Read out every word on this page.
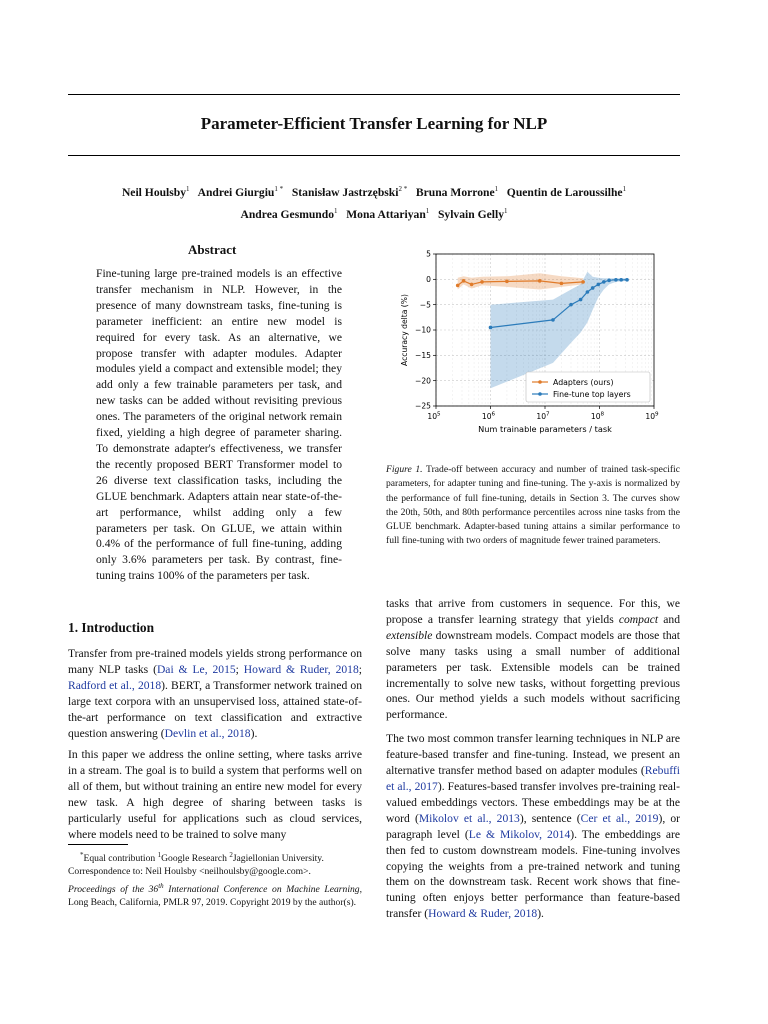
Parameter-Efficient Transfer Learning for NLP
Neil Houlsby$^1$ Andrei Giurgiu$^{1 *}$ Stanisław Jastrzębski$^{2 *}$ Bruna Morrone$^1$ Quentin de Laroussilhe$^1$
Andrea Gesmundo$^1$ Mona Attariyan$^1$ Sylvain Gelly$^1$
Abstract

Fine-tuning large pre-trained models is an effective transfer mechanism in NLP. However, in the presence of many downstream tasks, fine-tuning is parameter inefficient: an entire new model is required for every task. As an alternative, we propose transfer with adapter modules. Adapter modules yield a compact and extensible model; they add only a few trainable parameters per task, and new tasks can be added without revisiting previous ones. The parameters of the original network remain fixed, yielding a high degree of parameter sharing. To demonstrate adapter's effectiveness, we transfer the recently proposed BERT Transformer model to 26 diverse text classification tasks, including the GLUE benchmark. Adapters attain near state-of-the-art performance, whilst adding only a few parameters per task. On GLUE, we attain within 0.4% of the performance of full fine-tuning, adding only 3.6% parameters per task. By contrast, fine-tuning trains 100% of the parameters per task.

5
0
−5
−10
−15
−20
−25
$10^5$	$10^6$	$10^7$	$10^8$	$10^9$
Num trainable parameters / task
Accuracy delta (%)
Adapters (ours)
Fine-tune top layers
Figure 1. Trade-off between accuracy and number of trained task-specific parameters, for adapter tuning and fine-tuning. The y-axis is normalized by the performance of full fine-tuning, details in Section 3. The curves show the 20th, 50th, and 80th performance percentiles across nine tasks from the GLUE benchmark. Adapter-based tuning attains a similar performance to full fine-tuning with two orders of magnitude fewer trained parameters.
1. Introduction

Transfer from pre-trained models yields strong performance on many NLP tasks (Dai & Le, 2015; Howard & Ruder, 2018; Radford et al., 2018). BERT, a Transformer network trained on large text corpora with an unsupervised loss, attained state-of-the-art performance on text classification and extractive question answering (Devlin et al., 2018).

In this paper we address the online setting, where tasks arrive in a stream. The goal is to build a system that performs well on all of them, but without training an entire new model for every new task. A high degree of sharing between tasks is particularly useful for applications such as cloud services, where models need to be trained to solve many

*Equal contribution $^1$Google Research $^2$Jagiellonian University. Correspondence to: Neil Houlsby <neilhoulsby@google.com>.
Proceedings of the 36th International Conference on Machine Learning, Long Beach, California, PMLR 97, 2019. Copyright 2019 by the author(s).

tasks that arrive from customers in sequence. For this, we propose a transfer learning strategy that yields compact and extensible downstream models. Compact models are those that solve many tasks using a small number of additional parameters per task. Extensible models can be trained incrementally to solve new tasks, without forgetting previous ones. Our method yields a such models without sacrificing performance.

The two most common transfer learning techniques in NLP are feature-based transfer and fine-tuning. Instead, we present an alternative transfer method based on adapter modules (Rebuffi et al., 2017). Features-based transfer involves pre-training real-valued embeddings vectors. These embeddings may be at the word (Mikolov et al., 2013), sentence (Cer et al., 2019), or paragraph level (Le & Mikolov, 2014). The embeddings are then fed to custom downstream models. Fine-tuning involves copying the weights from a pre-trained network and tuning them on the downstream task. Recent work shows that fine-tuning often enjoys better performance than feature-based transfer (Howard & Ruder, 2018).
